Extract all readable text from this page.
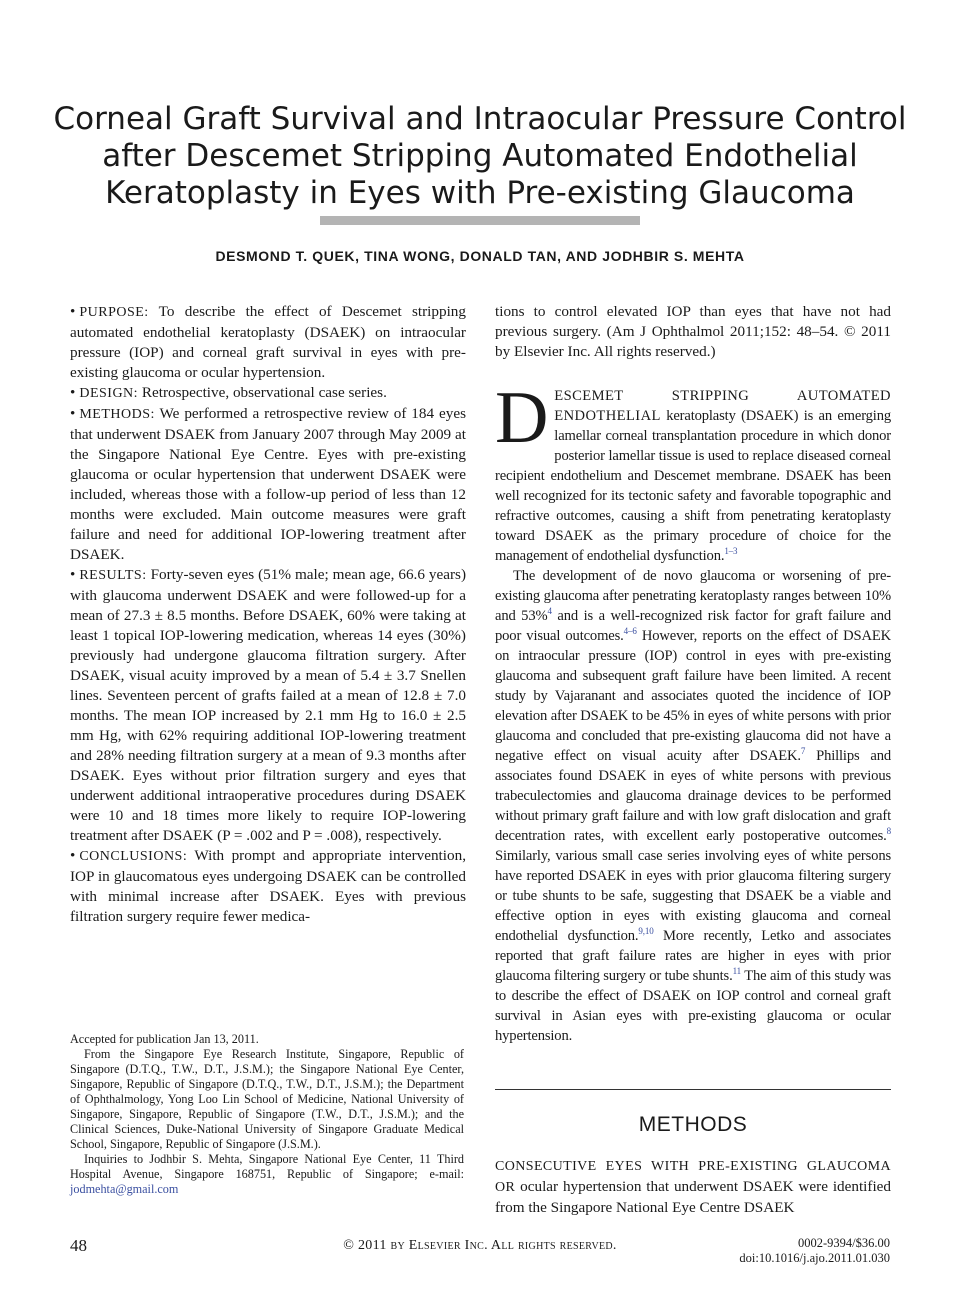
Corneal Graft Survival and Intraocular Pressure Control after Descemet Stripping Automated Endothelial Keratoplasty in Eyes with Pre-existing Glaucoma
DESMOND T. QUEK, TINA WONG, DONALD TAN, AND JODHBIR S. MEHTA

• PURPOSE: To describe the effect of Descemet stripping automated endothelial keratoplasty (DSAEK) on intraocular pressure (IOP) and corneal graft survival in eyes with pre-existing glaucoma or ocular hypertension.

• DESIGN: Retrospective, observational case series.

• METHODS: We performed a retrospective review of 184 eyes that underwent DSAEK from January 2007 through May 2009 at the Singapore National Eye Centre. Eyes with pre-existing glaucoma or ocular hypertension that underwent DSAEK were included, whereas those with a follow-up period of less than 12 months were excluded. Main outcome measures were graft failure and need for additional IOP-lowering treatment after DSAEK.

• RESULTS: Forty-seven eyes (51% male; mean age, 66.6 years) with glaucoma underwent DSAEK and were followed-up for a mean of 27.3 ± 8.5 months. Before DSAEK, 60% were taking at least 1 topical IOP-lowering medication, whereas 14 eyes (30%) previously had undergone glaucoma filtration surgery. After DSAEK, visual acuity improved by a mean of 5.4 ± 3.7 Snellen lines. Seventeen percent of grafts failed at a mean of 12.8 ± 7.0 months. The mean IOP increased by 2.1 mm Hg to 16.0 ± 2.5 mm Hg, with 62% requiring additional IOP-lowering treatment and 28% needing filtration surgery at a mean of 9.3 months after DSAEK. Eyes without prior filtration surgery and eyes that underwent additional intraoperative procedures during DSAEK were 10 and 18 times more likely to require IOP-lowering treatment after DSAEK (P = .002 and P = .008), respectively.

• CONCLUSIONS: With prompt and appropriate intervention, IOP in glaucomatous eyes undergoing DSAEK can be controlled with minimal increase after DSAEK. Eyes with previous filtration surgery require fewer medica-

tions to control elevated IOP than eyes that have not had previous surgery. (Am J Ophthalmol 2011;152: 48–54. © 2011 by Elsevier Inc. All rights reserved.)

DESCEMET STRIPPING AUTOMATED ENDOTHELIAL keratoplasty (DSAEK) is an emerging lamellar corneal transplantation procedure in which donor posterior lamellar tissue is used to replace diseased corneal recipient endothelium and Descemet membrane. DSAEK has been well recognized for its tectonic safety and favorable topographic and refractive outcomes, causing a shift from penetrating keratoplasty toward DSAEK as the primary procedure of choice for the management of endothelial dysfunction.$^{1-3}$

The development of de novo glaucoma or worsening of pre-existing glaucoma after penetrating keratoplasty ranges between 10% and 53%$^4$ and is a well-recognized risk factor for graft failure and poor visual outcomes.$^{4-6}$ However, reports on the effect of DSAEK on intraocular pressure (IOP) control in eyes with pre-existing glaucoma and subsequent graft failure have been limited. A recent study by Vajaranant and associates quoted the incidence of IOP elevation after DSAEK to be 45% in eyes of white persons with prior glaucoma and concluded that pre-existing glaucoma did not have a negative effect on visual acuity after DSAEK.$^7$ Phillips and associates found DSAEK in eyes of white persons with previous trabeculectomies and glaucoma drainage devices to be performed without primary graft failure and with low graft dislocation and graft decentration rates, with excellent early postoperative outcomes.$^8$ Similarly, various small case series involving eyes of white persons have reported DSAEK in eyes with prior glaucoma filtering surgery or tube shunts to be safe, suggesting that DSAEK be a viable and effective option in eyes with existing glaucoma and corneal endothelial dysfunction.$^{9,10}$ More recently, Letko and associates reported that graft failure rates are higher in eyes with prior glaucoma filtering surgery or tube shunts.$^{11}$ The aim of this study was to describe the effect of DSAEK on IOP control and corneal graft survival in Asian eyes with pre-existing glaucoma or ocular hypertension.

METHODS

CONSECUTIVE EYES WITH PRE-EXISTING GLAUCOMA OR ocular hypertension that underwent DSAEK were identified from the Singapore National Eye Centre DSAEK

Accepted for publication Jan 13, 2011.

From the Singapore Eye Research Institute, Singapore, Republic of Singapore (D.T.Q., T.W., D.T., J.S.M.); the Singapore National Eye Center, Singapore, Republic of Singapore (D.T.Q., T.W., D.T., J.S.M.); the Department of Ophthalmology, Yong Loo Lin School of Medicine, National University of Singapore, Singapore, Republic of Singapore (T.W., D.T., J.S.M.); and the Clinical Sciences, Duke-National University of Singapore Graduate Medical School, Singapore, Republic of Singapore (J.S.M.).

Inquiries to Jodhbir S. Mehta, Singapore National Eye Center, 11 Third Hospital Avenue, Singapore 168751, Republic of Singapore; e-mail: jodmehta@gmail.com

48	© 2011 by Elsevier Inc. All rights reserved.	0002-9394/$36.00
doi:10.1016/j.ajo.2011.01.030
